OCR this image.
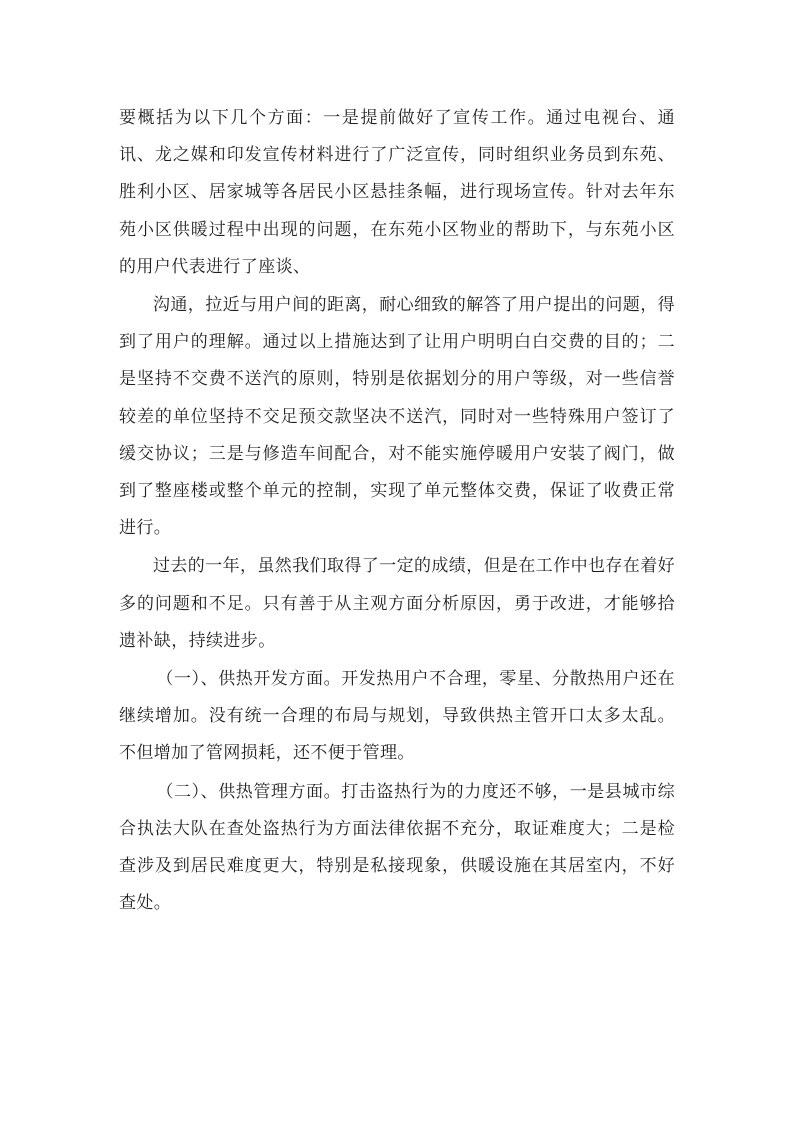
要概括为以下几个方面：一是提前做好了宣传工作。通过电视台、通讯、龙之媒和印发宣传材料进行了广泛宣传，同时组织业务员到东苑、胜利小区、居家城等各居民小区悬挂条幅，进行现场宣传。针对去年东苑小区供暖过程中出现的问题，在东苑小区物业的帮助下，与东苑小区的用户代表进行了座谈、

沟通，拉近与用户间的距离，耐心细致的解答了用户提出的问题，得到了用户的理解。通过以上措施达到了让用户明明白白交费的目的；二是坚持不交费不送汽的原则，特别是依据划分的用户等级，对一些信誉较差的单位坚持不交足预交款坚决不送汽，同时对一些特殊用户签订了缓交协议；三是与修造车间配合，对不能实施停暖用户安装了阀门，做到了整座楼或整个单元的控制，实现了单元整体交费，保证了收费正常进行。

过去的一年，虽然我们取得了一定的成绩，但是在工作中也存在着好多的问题和不足。只有善于从主观方面分析原因，勇于改进，才能够拾遗补缺，持续进步。

（一）、供热开发方面。开发热用户不合理，零星、分散热用户还在继续增加。没有统一合理的布局与规划，导致供热主管开口太多太乱。不但增加了管网损耗，还不便于管理。

（二）、供热管理方面。打击盗热行为的力度还不够，一是县城市综合执法大队在查处盗热行为方面法律依据不充分，取证难度大；二是检查涉及到居民难度更大，特别是私接现象，供暖设施在其居室内，不好查处。
